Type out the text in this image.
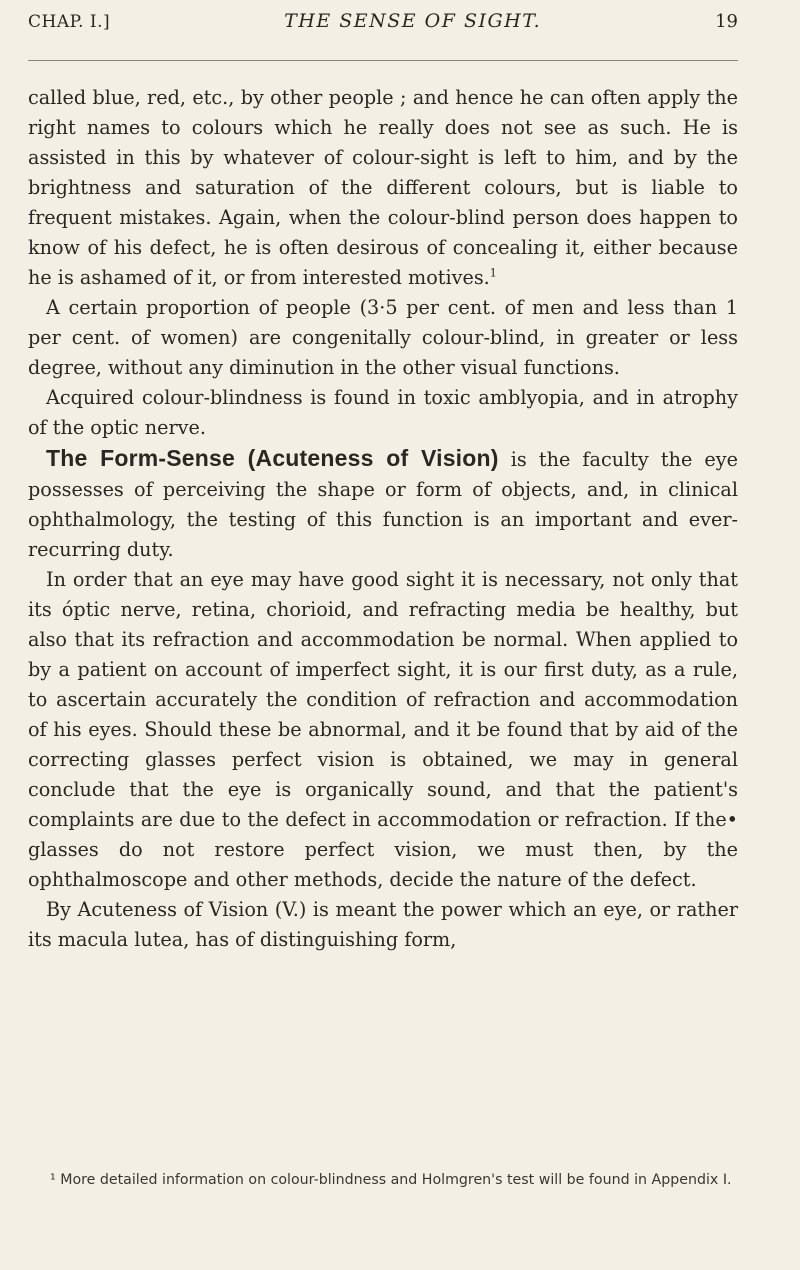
CHAP. I.]	THE SENSE OF SIGHT.	19

called blue, red, etc., by other people ; and hence he can often apply the right names to colours which he really does not see as such. He is assisted in this by whatever of colour-sight is left to him, and by the brightness and saturation of the different colours, but is liable to frequent mistakes. Again, when the colour-blind person does happen to know of his defect, he is often desirous of concealing it, either because he is ashamed of it, or from interested motives.$^1$

A certain proportion of people (3·5 per cent. of men and less than 1 per cent. of women) are congenitally colour-blind, in greater or less degree, without any diminution in the other visual functions.

Acquired colour-blindness is found in toxic amblyopia, and in atrophy of the optic nerve.

The Form-Sense (Acuteness of Vision) is the faculty the eye possesses of perceiving the shape or form of objects, and, in clinical ophthalmology, the testing of this function is an important and ever-recurring duty.

In order that an eye may have good sight it is necessary, not only that its óptic nerve, retina, chorioid, and refracting media be healthy, but also that its refraction and accommodation be normal. When applied to by a patient on account of imperfect sight, it is our first duty, as a rule, to ascertain accurately the condition of refraction and accommodation of his eyes. Should these be abnormal, and it be found that by aid of the correcting glasses perfect vision is obtained, we may in general conclude that the eye is organically sound, and that the patient's complaints are due to the defect in accommodation or refraction. If the• glasses do not restore perfect vision, we must then, by the ophthalmoscope and other methods, decide the nature of the defect.

By Acuteness of Vision (V.) is meant the power which an eye, or rather its macula lutea, has of distinguishing form,

¹ More detailed information on colour-blindness and Holmgren's test will be found in Appendix I.
